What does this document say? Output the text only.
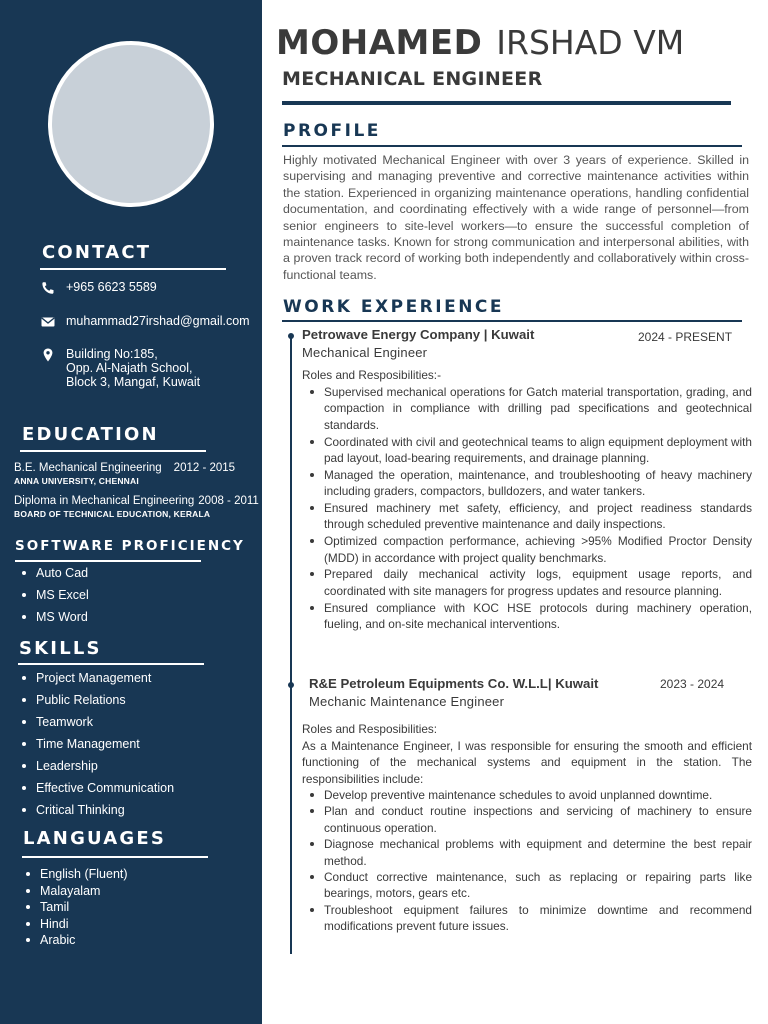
CONTACT
+965 6623 5589
muhammad27irshad@gmail.com
Building No:185,
Opp. Al-Najath School,
Block 3, Mangaf, Kuwait
EDUCATION
B.E. Mechanical Engineering 2012 - 2015
ANNA UNIVERSITY, CHENNAI
Diploma in Mechanical Engineering 2008 - 2011
BOARD OF TECHNICAL EDUCATION, KERALA
SOFTWARE PROFICIENCY
Auto Cad
MS Excel
MS Word
SKILLS
Project Management
Public Relations
Teamwork
Time Management
Leadership
Effective Communication
Critical Thinking
LANGUAGES
English (Fluent)
Malayalam
Tamil
Hindi
Arabic
MOHAMED IRSHAD VM
MECHANICAL ENGINEER
PROFILE

Highly motivated Mechanical Engineer with over 3 years of experience. Skilled in supervising and managing preventive and corrective maintenance activities within the station. Experienced in organizing maintenance operations, handling confidential documentation, and coordinating effectively with a wide range of personnel—from senior engineers to site-level workers—to ensure the successful completion of maintenance tasks. Known for strong communication and interpersonal abilities, with a proven track record of working both independently and collaboratively within cross-functional teams.

WORK EXPERIENCE

Petrowave Energy Company | Kuwait	2024 - PRESENT

Mechanical Engineer

Roles and Resposibilities:-

Supervised mechanical operations for Gatch material transportation, grading, and compaction in compliance with drilling pad specifications and geotechnical standards.
Coordinated with civil and geotechnical teams to align equipment deployment with pad layout, load-bearing requirements, and drainage planning.
Managed the operation, maintenance, and troubleshooting of heavy machinery including graders, compactors, bulldozers, and water tankers.
Ensured machinery met safety, efficiency, and project readiness standards through scheduled preventive maintenance and daily inspections.
Optimized compaction performance, achieving >95% Modified Proctor Density (MDD) in accordance with project quality benchmarks.
Prepared daily mechanical activity logs, equipment usage reports, and coordinated with site managers for progress updates and resource planning.
Ensured compliance with KOC HSE protocols during machinery operation, fueling, and on-site mechanical interventions.

R&E Petroleum Equipments Co. W.L.L| Kuwait	2023 - 2024

Mechanic Maintenance Engineer

Roles and Resposibilities:

As a Maintenance Engineer, I was responsible for ensuring the smooth and efficient functioning of the mechanical systems and equipment in the station. The responsibilities include:

Develop preventive maintenance schedules to avoid unplanned downtime.
Plan and conduct routine inspections and servicing of machinery to ensure continuous operation.
Diagnose mechanical problems with equipment and determine the best repair method.
Conduct corrective maintenance, such as replacing or repairing parts like bearings, motors, gears etc.
Troubleshoot equipment failures to minimize downtime and recommend modifications prevent future issues.
